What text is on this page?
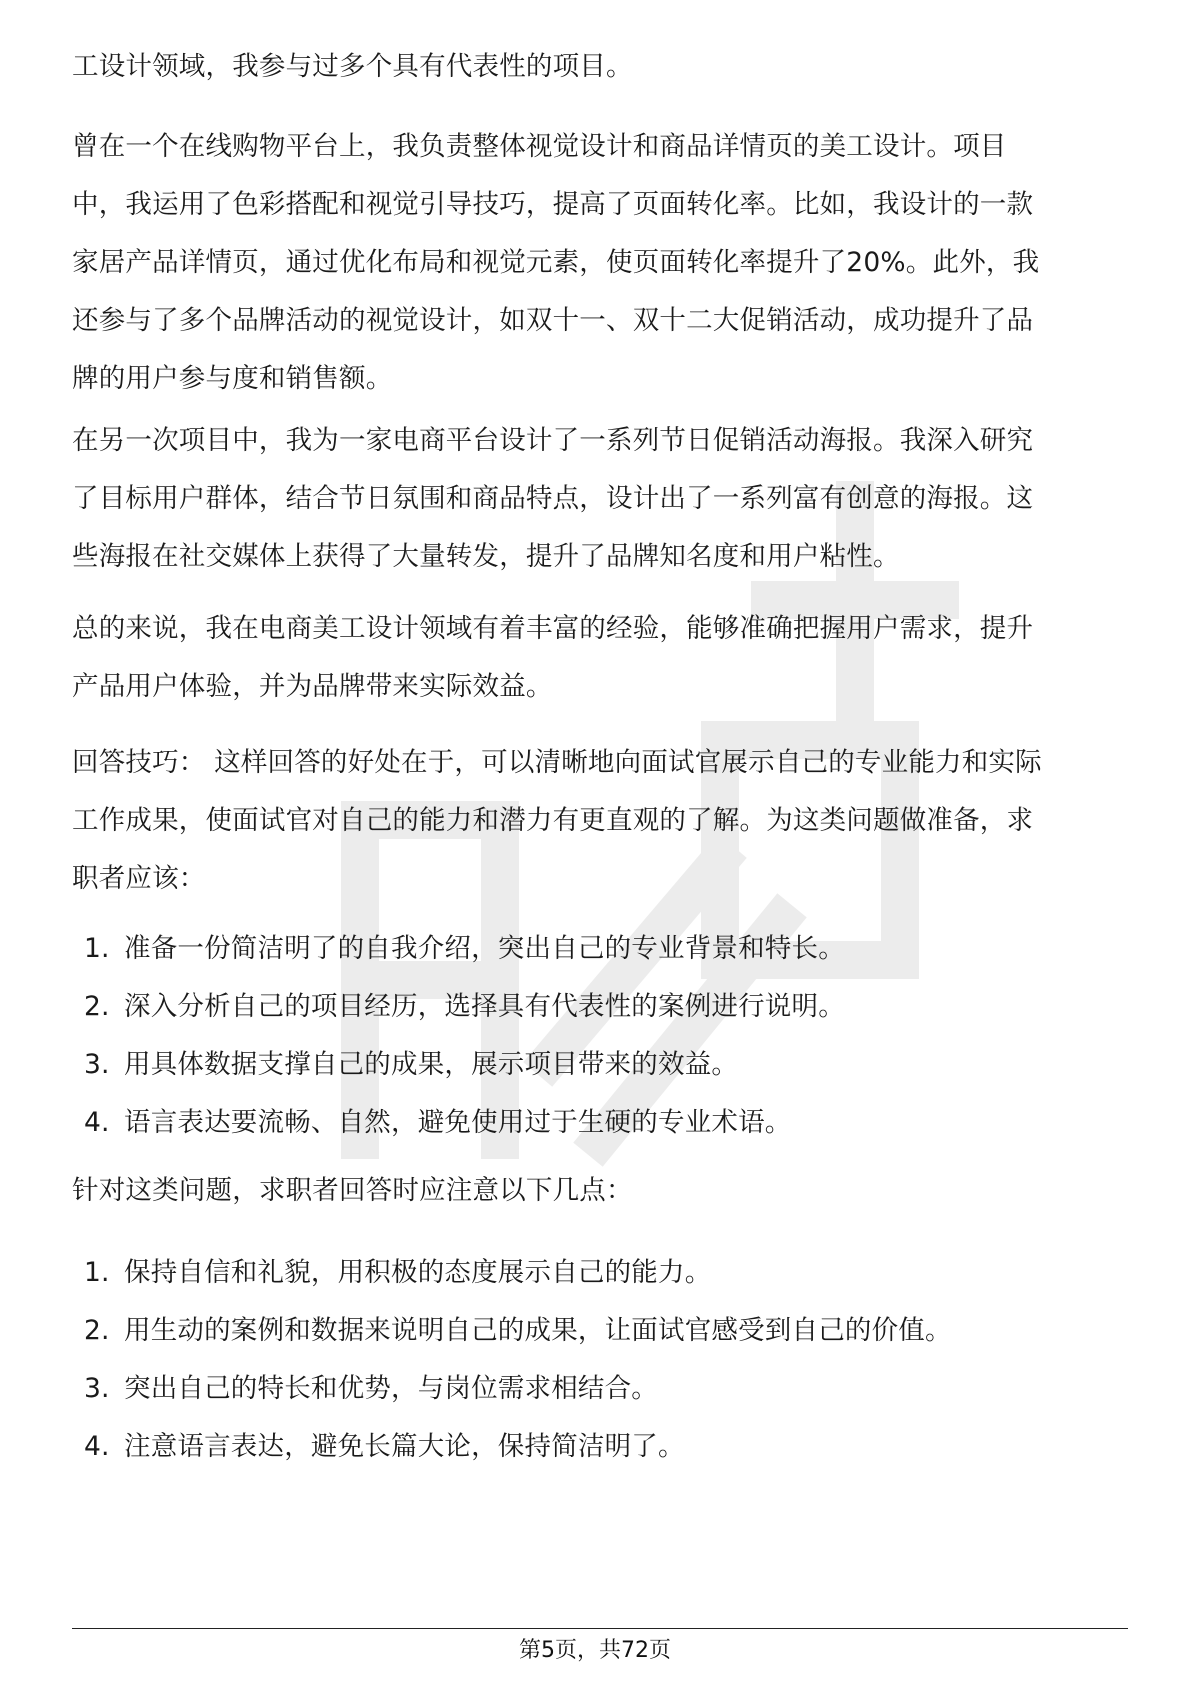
工设计领域，我参与过多个具有代表性的项目。

曾在一个在线购物平台上，我负责整体视觉设计和商品详情页的美工设计。项目
中，我运用了色彩搭配和视觉引导技巧，提高了页面转化率。比如，我设计的一款
家居产品详情页，通过优化布局和视觉元素，使页面转化率提升了20%。此外，我
还参与了多个品牌活动的视觉设计，如双十一、双十二大促销活动，成功提升了品
牌的用户参与度和销售额。

在另一次项目中，我为一家电商平台设计了一系列节日促销活动海报。我深入研究
了目标用户群体，结合节日氛围和商品特点，设计出了一系列富有创意的海报。这
些海报在社交媒体上获得了大量转发，提升了品牌知名度和用户粘性。

总的来说，我在电商美工设计领域有着丰富的经验，能够准确把握用户需求，提升
产品用户体验，并为品牌带来实际效益。

回答技巧： 这样回答的好处在于，可以清晰地向面试官展示自己的专业能力和实际
工作成果，使面试官对自己的能力和潜力有更直观的了解。为这类问题做准备，求
职者应该：

1. 准备一份简洁明了的自我介绍，突出自己的专业背景和特长。
2. 深入分析自己的项目经历，选择具有代表性的案例进行说明。
3. 用具体数据支撑自己的成果，展示项目带来的效益。
4. 语言表达要流畅、自然，避免使用过于生硬的专业术语。

针对这类问题，求职者回答时应注意以下几点：

1. 保持自信和礼貌，用积极的态度展示自己的能力。
2. 用生动的案例和数据来说明自己的成果，让面试官感受到自己的价值。
3. 突出自己的特长和优势，与岗位需求相结合。
4. 注意语言表达，避免长篇大论，保持简洁明了。
第5页，共72页
